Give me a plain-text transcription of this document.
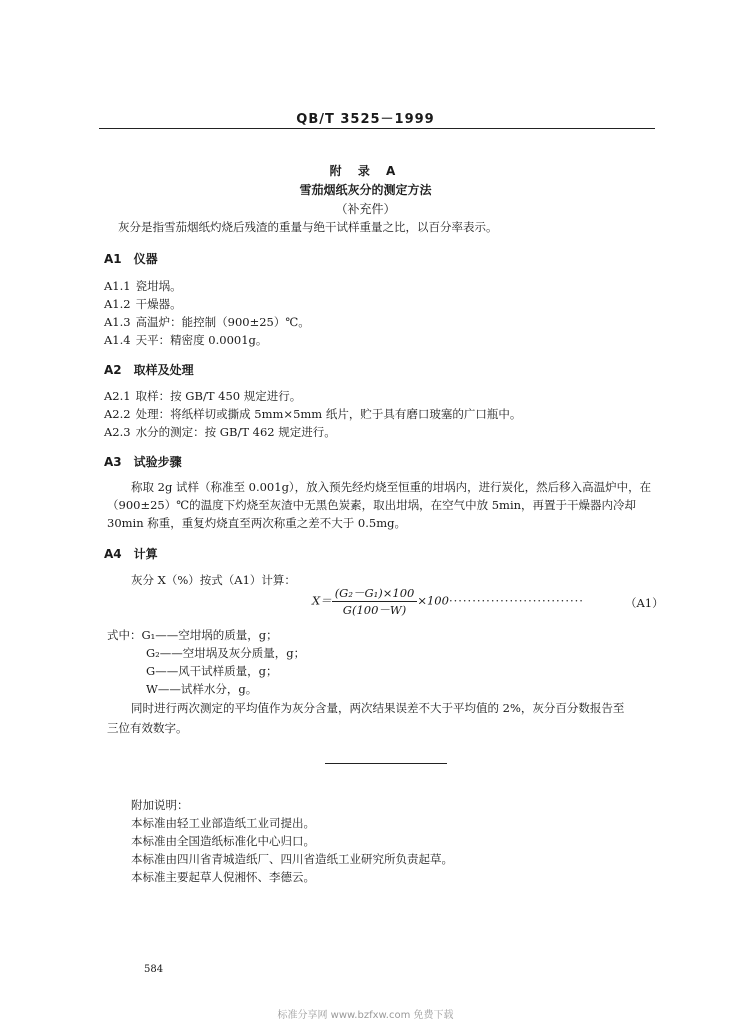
QB/T 3525－1999
附 录 A
雪茄烟纸灰分的测定方法
（补充件）
灰分是指雪茄烟纸灼烧后残渣的重量与绝干试样重量之比，以百分率表示。
A1　仪器
A1.1 瓷坩埚。
A1.2 干燥器。
A1.3 高温炉：能控制（900±25）℃。
A1.4 天平：精密度 0.0001g。
A2　取样及处理
A2.1 取样：按 GB/T 450 规定进行。
A2.2 处理：将纸样切或撕成 5mm×5mm 纸片，贮于具有磨口玻塞的广口瓶中。
A2.3 水分的测定：按 GB/T 462 规定进行。
A3　试验步骤
称取 2g 试样（称准至 0.001g），放入预先经灼烧至恒重的坩埚内，进行炭化，然后移入高温炉中，在
（900±25）℃的温度下灼烧至灰渣中无黑色炭素，取出坩埚，在空气中放 5min，再置于干燥器内冷却
30min 称重，重复灼烧直至两次称重之差不大于 0.5mg。
A4　计算
灰分 X（%）按式（A1）计算：
$X= \frac{\text{(G₂－G₁)×100}}{G(100-W)} \times 100\cdot\cdot\cdot\cdot\cdot\cdot\cdot\cdot\cdot\cdot\cdot\cdot\cdot\cdot\cdot\cdot\cdot\cdot\cdot\cdot\cdot\cdot\cdot\cdot\cdot\cdot\cdot\cdot\cdot$	（A1）
式中：G₁——空坩埚的质量，g；
G₂——空坩埚及灰分质量，g；
G——风干试样质量，g；
W——试样水分，g。
同时进行两次测定的平均值作为灰分含量，两次结果误差不大于平均值的 2%，灰分百分数报告至
三位有效数字。
附加说明：
本标准由轻工业部造纸工业司提出。
本标准由全国造纸标准化中心归口。
本标准由四川省青城造纸厂、四川省造纸工业研究所负责起草。
本标准主要起草人倪湘怀、李德云。
584
标准分享网 www.bzfxw.com 免费下载
